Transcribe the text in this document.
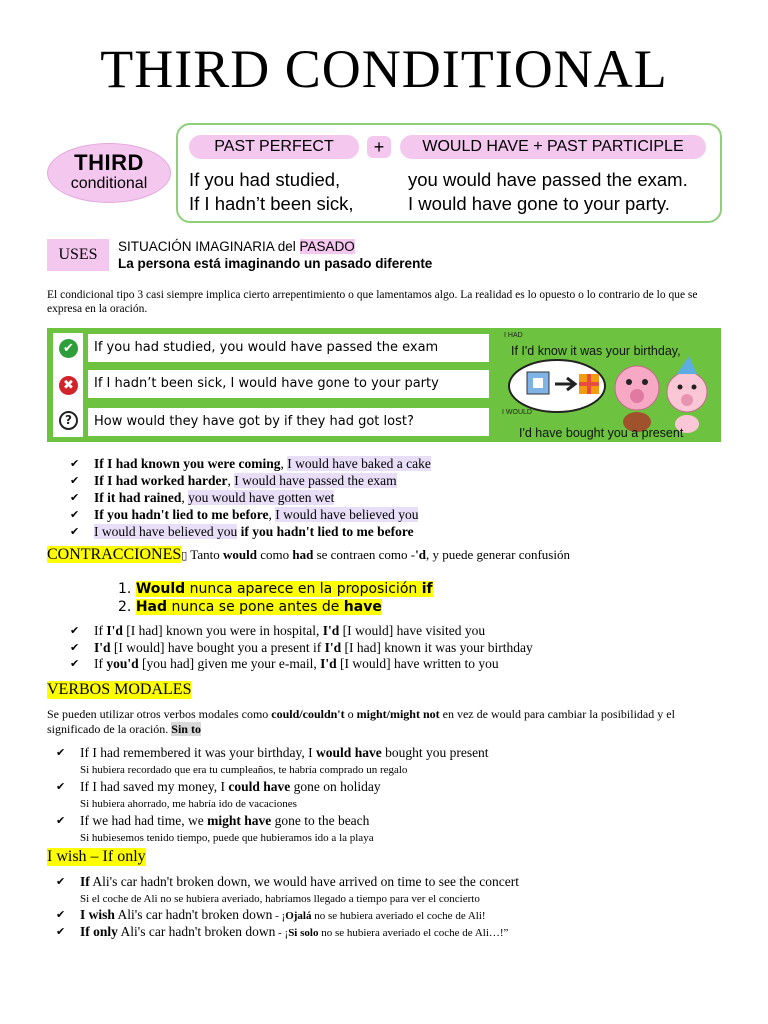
THIRD CONDITIONAL
THIRD
conditional
PAST PERFECT	+	WOULD HAVE + PAST PARTICIPLE
If you had studied,	you would have passed the exam.
If I hadn’t been sick,	I would have gone to your party.
USES	SITUACIÓN IMAGINARIA del PASADO
La persona está imaginando un pasado diferente
El condicional tipo 3 casi siempre implica cierto arrepentimiento o que lamentamos algo. La realidad es lo opuesto o lo contrario de lo que se expresa en la oración.
✔
✖
?
If you had studied, you would have passed the exam
If I hadn’t been sick, I would have gone to your party
How would they have got by if they had got lost?
I HAD
If I'd know it was your birthday,
I WOULD
I'd have bought you a present
✔ If I had known you were coming, I would have baked a cake
✔ If I had worked harder, I would have passed the exam
✔ If it had rained, you would have gotten wet
✔ If you hadn't lied to me before, I would have believed you
✔ I would have believed you if you hadn't lied to me before
CONTRACCIONES▯ Tanto would como had se contraen como -'d, y puede generar confusión
1. Would nunca aparece en la proposición if
2. Had nunca se pone antes de have
✔ If I'd [I had] known you were in hospital, I'd [I would] have visited you
✔ I'd [I would] have bought you a present if I'd [I had] known it was your birthday
✔ If you'd [you had] given me your e-mail, I'd [I would] have written to you
VERBOS MODALES
Se pueden utilizar otros verbos modales como could/couldn't o might/might not en vez de would para cambiar la posibilidad y el significado de la oración. Sin to
✔ If I had remembered it was your birthday, I would have bought you present
Si hubiera recordado que era tu cumpleaños, te habría comprado un regalo
✔ If I had saved my money, I could have gone on holiday
Si hubiera ahorrado, me habría ido de vacaciones
✔ If we had had time, we might have gone to the beach
Si hubiesemos tenido tiempo, puede que hubieramos ido a la playa
I wish – If only
✔ If Ali's car hadn't broken down, we would have arrived on time to see the concert
Si el coche de Ali no se hubiera averiado, habríamos llegado a tiempo para ver el concierto
✔ I wish Ali's car hadn't broken down - ¡Ojalá no se hubiera averiado el coche de Ali!
✔ If only Ali's car hadn't broken down - ¡Si solo no se hubiera averiado el coche de Ali…!”
